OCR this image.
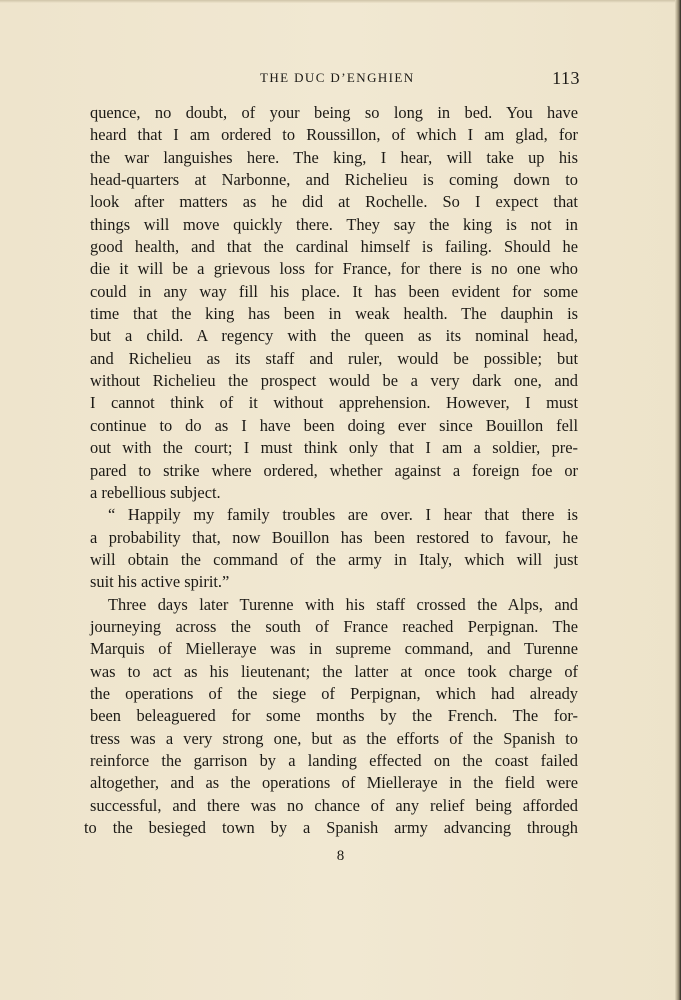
THE DUC D’ENGHIEN	113
quence, no doubt, of your being so long in bed. You have
heard that I am ordered to Roussillon, of which I am glad, for
the war languishes here. The king, I hear, will take up his
head-quarters at Narbonne, and Richelieu is coming down to
look after matters as he did at Rochelle. So I expect that
things will move quickly there. They say the king is not in
good health, and that the cardinal himself is failing. Should he
die it will be a grievous loss for France, for there is no one who
could in any way fill his place. It has been evident for some
time that the king has been in weak health. The dauphin is
but a child. A regency with the queen as its nominal head,
and Richelieu as its staff and ruler, would be possible; but
without Richelieu the prospect would be a very dark one, and
I cannot think of it without apprehension. However, I must
continue to do as I have been doing ever since Bouillon fell
out with the court; I must think only that I am a soldier, pre-
pared to strike where ordered, whether against a foreign foe or
a rebellious subject.
“ Happily my family troubles are over. I hear that there is
a probability that, now Bouillon has been restored to favour, he
will obtain the command of the army in Italy, which will just
suit his active spirit.”
Three days later Turenne with his staff crossed the Alps, and
journeying across the south of France reached Perpignan. The
Marquis of Mielleraye was in supreme command, and Turenne
was to act as his lieutenant; the latter at once took charge of
the operations of the siege of Perpignan, which had already
been beleaguered for some months by the French. The for-
tress was a very strong one, but as the efforts of the Spanish to
reinforce the garrison by a landing effected on the coast failed
altogether, and as the operations of Mielleraye in the field were
successful, and there was no chance of any relief being afforded
to the besieged town by a Spanish army advancing through
8
